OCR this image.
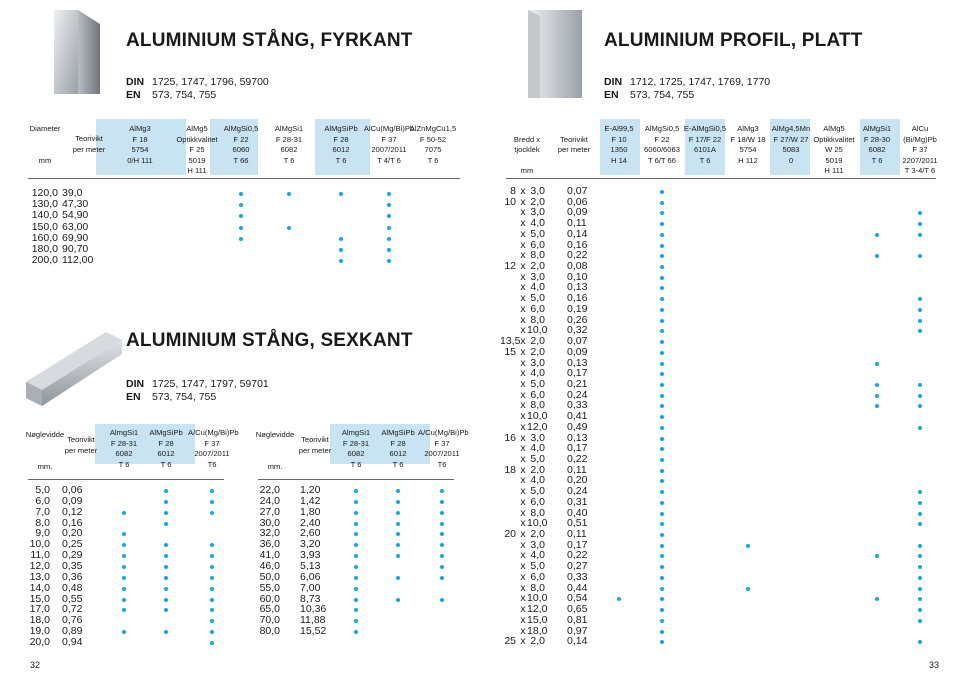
ALUMINIUM STÅNG, FYRKANT
DIN 1725, 1747, 1796, 59700
EN 573, 754, 755
ALUMINIUM STÅNG, SEXKANT
DIN 1725, 1747, 1797, 59701
EN 573, 754, 755
ALUMINIUM PROFIL, PLATT
DIN 1712, 1725, 1747, 1769, 1770
EN 573, 754, 755
Diameter
mm
Teorivikt
per meter
AlMg3
F 18
5754
0/H 111
AlMg5
Optikkvalitet
F 25
5019
H 111
AlMgSi0,5
F 22
6060
T 66
AlMgSi1
F 28-31
6082
T 6
AlMgSiPb
F 28
6012
T 6
AlCu(Mg/Bi)Pb
F 37
2007/2011
T 4/T 6
AlZnMgCu1,5
F 50-52
7075
T 6
120,0 39,0
130,0 47,30
140,0 54,90
150,0 63,00
160,0 69,90
180,0 90,70
200,0 112,00
Nøglevidde
mm.
Teorivikt
per meter
AlmgSi1
F 28-31
6082
T 6
AlMgSiPb
F 28
6012
T 6
A/Cu(Mg/Bi)Pb
F 37
2007/2011
T6
Nøglevidde
mm.
Teorivikt
per meter
AlmgSi1
F 28-31
6082
T 6
AlMgSiPb
F 28
6012
T 6
A/Cu(Mg/Bi)Pb
F 37
2007/2011
T6
5,0 0,06
6,0 0,09
7,0 0,12
8,0 0,16
9,0 0,20
10,0 0,25
11,0 0,29
12,0 0,35
13,0 0,36
14,0 0,48
15,0 0,55
17,0 0,72
18,0 0,76
19,0 0,89
20,0 0,94
22,0 1,20
24,0 1,42
27,0 1,80
30,0 2,40
32,0 2,60
36,0 3,20
41,0 3,93
46,0 5,13
50,0 6,06
55,0 7,00
60,0 8,73
65,0 10,36
70,0 11,88
80,0 15,52
Bredd x
tjocklek
mm
Teorivikt
per meter
E-Al99,5
F 10
1350
H 14
AlMgSi0,5
F 22
6060/6063
T 6/T 66
E-AlMgSi0,5
F 17/F 22
6101A
T 6
AlMg3
F 18/W 18
5754
H 112
AlMg4,5Mn
F 27/W 27
5083
0
AlMg5
Optikkvalitet
W 25
5019
H 111
AlMgSi1
F 28-30
6082
T 6
AlCu
(Bi/Mg)Pb
F 37
2207/2011
T 3-4/T 6
8 x 3,0 0,07
10 x 2,0 0,06
x 3,0 0,09
x 4,0 0,11
x 5,0 0,14
x 6,0 0,16
x 8,0 0,22
12 x 2,0 0,08
x 3,0 0,10
x 4,0 0,13
x 5,0 0,16
x 6,0 0,19
x 8,0 0,26
x 10,0 0,32
13,5 x 2,0 0,07
15 x 2,0 0,09
x 3,0 0,13
x 4,0 0,17
x 5,0 0,21
x 6,0 0,24
x 8,0 0,33
x 10,0 0,41
x 12,0 0,49
16 x 3,0 0,13
x 4,0 0,17
x 5,0 0,22
18 x 2,0 0,11
x 4,0 0,20
x 5,0 0,24
x 6,0 0,31
x 8,0 0,40
x 10,0 0,51
20 x 2,0 0,11
x 3,0 0,17
x 4,0 0,22
x 5,0 0,27
x 6,0 0,33
x 8,0 0,44
x 10,0 0,54
x 12,0 0,65
x 15,0 0,81
x 18,0 0,97
25 x 2,0 0,14
32	33
